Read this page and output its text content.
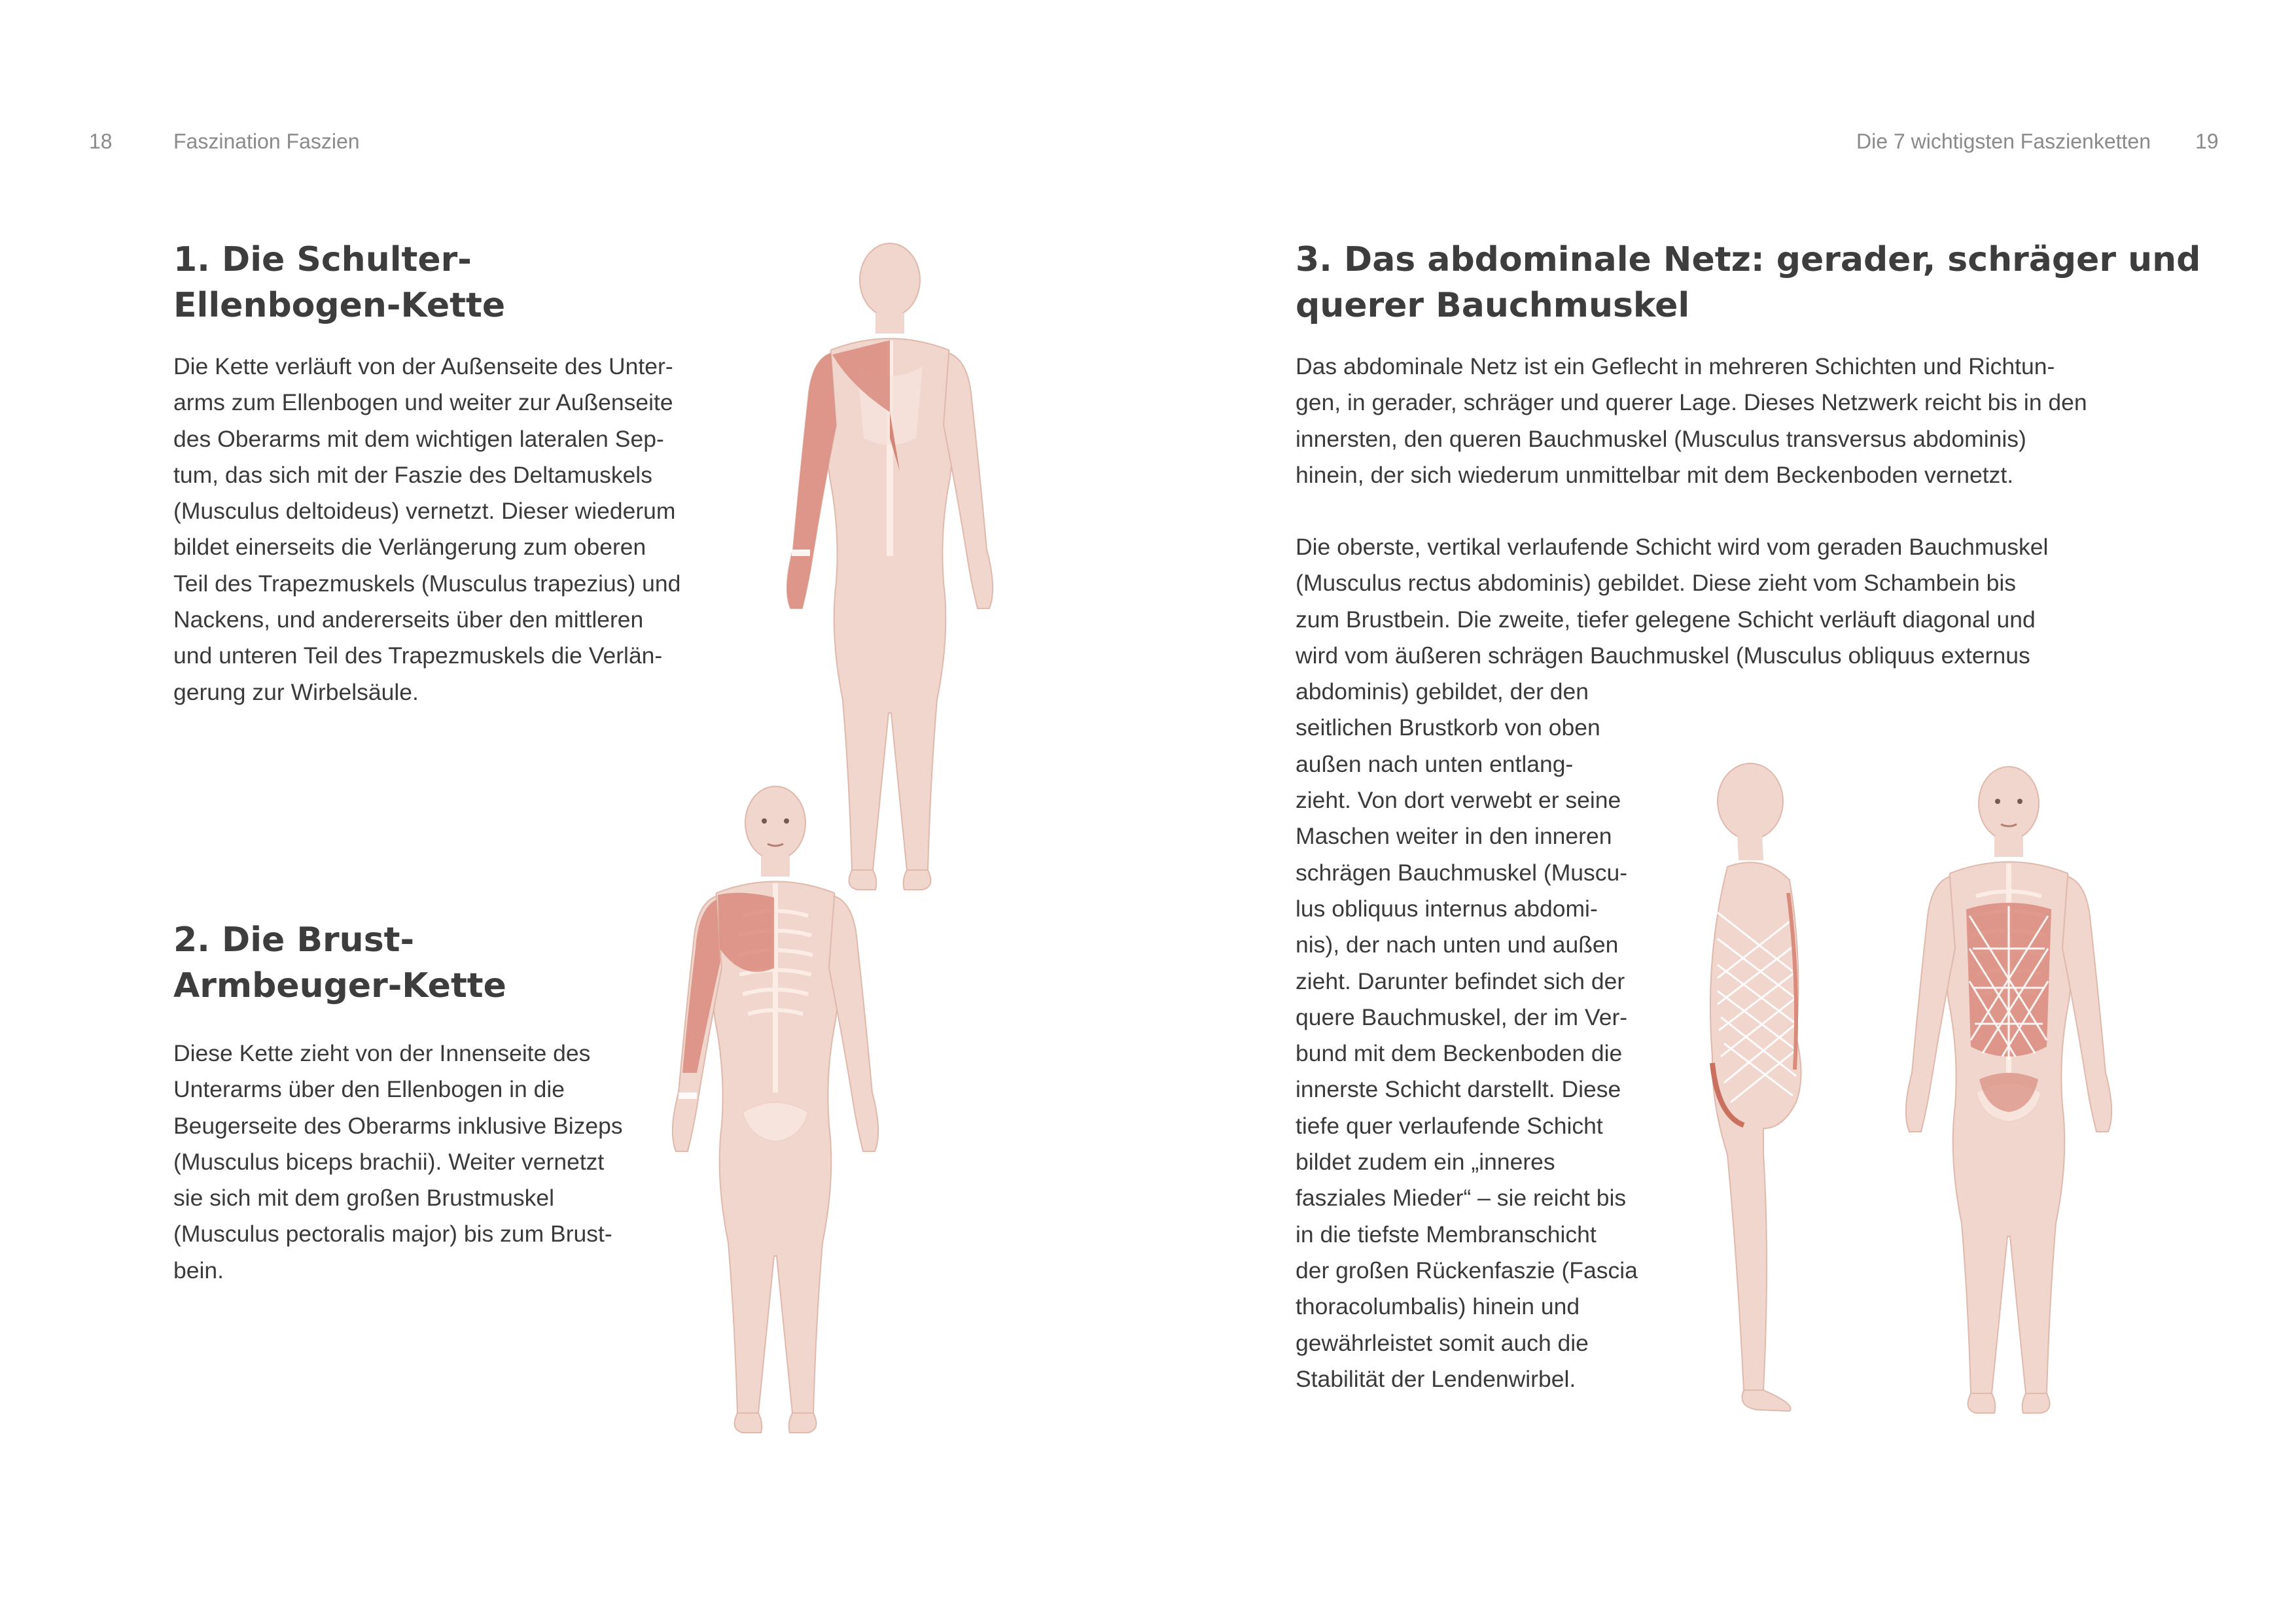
18	Faszination Faszien
1. Die Schulter-
Ellenbogen-Kette

Die Kette verläuft von der Außenseite des Unter-
arms zum Ellenbogen und weiter zur Außenseite
des Oberarms mit dem wichtigen lateralen Sep-
tum, das sich mit der Faszie des Deltamuskels
(Musculus deltoideus) vernetzt. Dieser wiederum
bildet einerseits die Verlängerung zum oberen
Teil des Trapezmuskels (Musculus trapezius) und
Nackens, und andererseits über den mittleren
und unteren Teil des Trapezmuskels die Verlän-
gerung zur Wirbelsäule.

2. Die Brust-
Armbeuger-Kette

Diese Kette zieht von der Innenseite des
Unterarms über den Ellenbogen in die
Beugerseite des Oberarms inklusive Bizeps
(Musculus biceps brachii). Weiter vernetzt
sie sich mit dem großen Brustmuskel
(Musculus pectoralis major) bis zum Brust-
bein.

Die 7 wichtigsten Faszienketten 19
3. Das abdominale Netz: gerader, schräger und
querer Bauchmuskel

Das abdominale Netz ist ein Geflecht in mehreren Schichten und Richtun-
gen, in gerader, schräger und querer Lage. Dieses Netzwerk reicht bis in den
innersten, den queren Bauchmuskel (Musculus transversus abdominis)
hinein, der sich wiederum unmittelbar mit dem Beckenboden vernetzt.

Die oberste, vertikal verlaufende Schicht wird vom geraden Bauchmuskel
(Musculus rectus abdominis) gebildet. Diese zieht vom Schambein bis
zum Brustbein. Die zweite, tiefer gelegene Schicht verläuft diagonal und
wird vom äußeren schrägen Bauchmuskel (Musculus obliquus externus
abdominis) gebildet, der den
seitlichen Brustkorb von oben
außen nach unten entlang-
zieht. Von dort verwebt er seine
Maschen weiter in den inneren
schrägen Bauchmuskel (Muscu-
lus obliquus internus abdomi-
nis), der nach unten und außen
zieht. Darunter befindet sich der
quere Bauchmuskel, der im Ver-
bund mit dem Beckenboden die
innerste Schicht darstellt. Diese
tiefe quer verlaufende Schicht
bildet zudem ein „inneres
fasziales Mieder“ – sie reicht bis
in die tiefste Membranschicht
der großen Rückenfaszie (Fascia
thoracolumbalis) hinein und
gewährleistet somit auch die
Stabilität der Lendenwirbel.
